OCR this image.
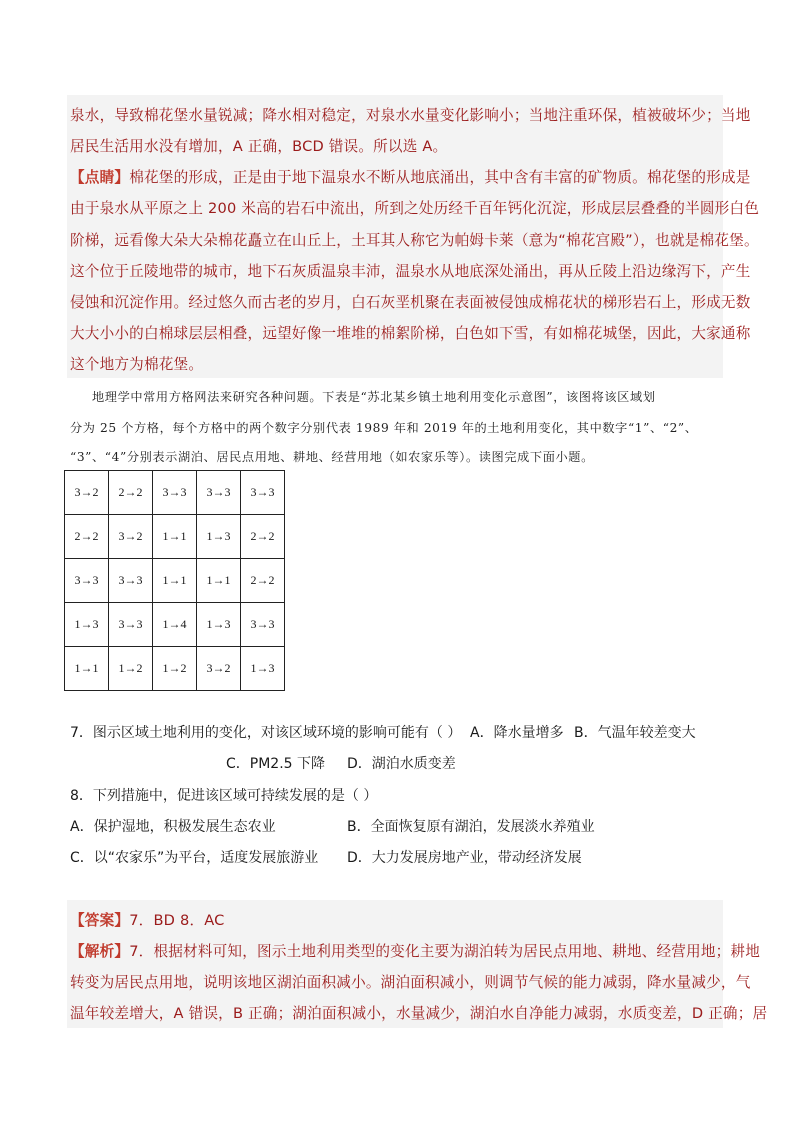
泉水，导致棉花堡水量锐减；降水相对稳定，对泉水水量变化影响小；当地注重环保，植被破坏少；当地
居民生活用水没有增加，A 正确，BCD 错误。所以选 A。
【点睛】棉花堡的形成，正是由于地下温泉水不断从地底涌出，其中含有丰富的矿物质。棉花堡的形成是
由于泉水从平原之上 200 米高的岩石中流出，所到之处历经千百年钙化沉淀，形成层层叠叠的半圆形白色
阶梯，远看像大朵大朵棉花矗立在山丘上，土耳其人称它为帕姆卡莱（意为“棉花宫殿”），也就是棉花堡。
这个位于丘陵地带的城市，地下石灰质温泉丰沛，温泉水从地底深处涌出，再从丘陵上沿边缘泻下，产生
侵蚀和沉淀作用。经过悠久而古老的岁月，白石灰垩机聚在表面被侵蚀成棉花状的梯形岩石上，形成无数
大大小小的白棉球层层相叠，远望好像一堆堆的棉絮阶梯，白色如下雪，有如棉花城堡，因此，大家通称
这个地方为棉花堡。
地理学中常用方格网法来研究各种问题。下表是“苏北某乡镇土地利用变化示意图”，该图将该区域划
分为 25 个方格，每个方格中的两个数字分别代表 1989 年和 2019 年的土地利用变化，其中数字“1”、“2”、
“3”、“4”分别表示湖泊、居民点用地、耕地、经营用地（如农家乐等）。读图完成下面小题。
3→2	2→2	3→3	3→3	3→3
2→2	3→2	1→1	1→3	2→2
3→3	3→3	1→1	1→1	2→2
1→3	3→3	1→4	1→3	3→3
1→1	1→2	1→2	3→2	1→3
7．图示区域土地利用的变化，对该区域环境的影响可能有（ ） A．降水量增多 B．气温年较差变大
C．PM2.5 下降 D．湖泊水质变差
8．下列措施中，促进该区域可持续发展的是（ ）
A．保护湿地，积极发展生态农业	B．全面恢复原有湖泊，发展淡水养殖业
C．以“农家乐”为平台，适度发展旅游业 D．大力发展房地产业，带动经济发展
【答案】7．BD 8．AC
【解析】7．根据材料可知，图示土地利用类型的变化主要为湖泊转为居民点用地、耕地、经营用地；耕地
转变为居民点用地，说明该地区湖泊面积减小。湖泊面积减小，则调节气候的能力减弱，降水量减少，气
温年较差增大，A 错误，B 正确；湖泊面积减小，水量减少，湖泊水自净能力减弱，水质变差，D 正确；居
